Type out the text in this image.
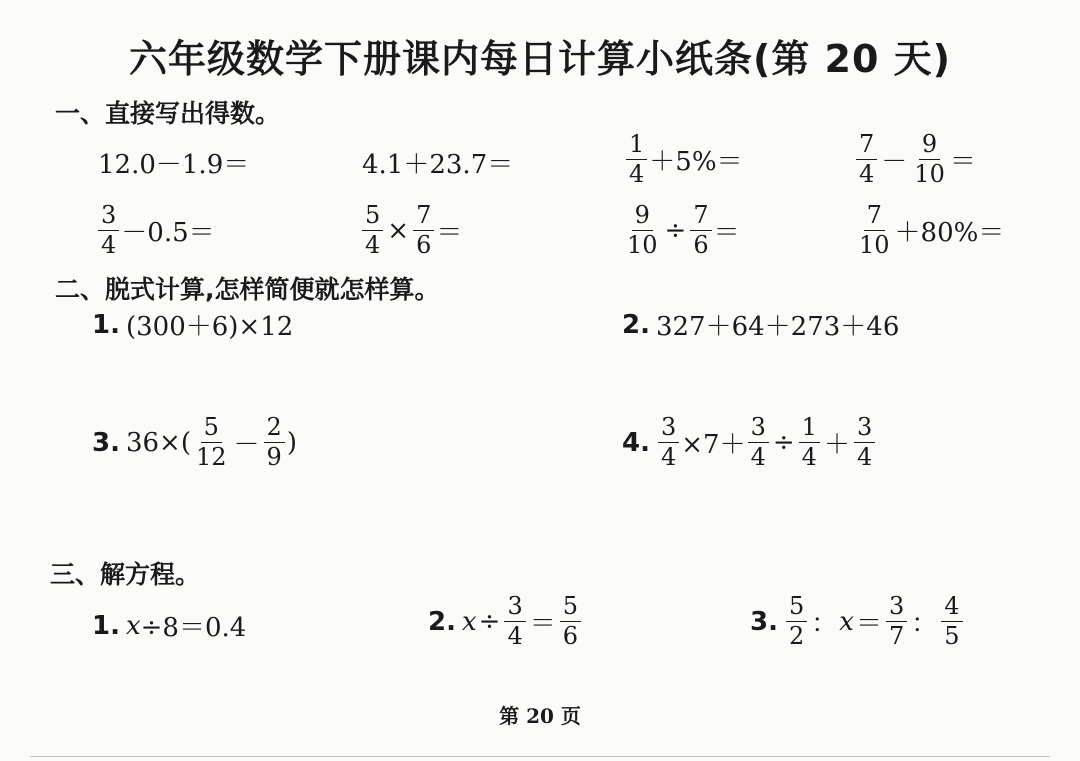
六年级数学下册课内每日计算小纸条(第 20 天)
一、直接写出得数。
12.0－1.9＝	4.1＋23.7＝	$\frac{1}{4} +5\%=$	$\frac{7}{4} - \frac{9}{10}$ ＝
$\frac{3}{4} -0.5=$	$\frac{5}{4} \times \frac{7}{6}$ ＝	$\frac{9}{10} \div \frac{7}{6}$ ＝	$\frac{7}{10} +80\%=$
二、脱式计算,怎样简便就怎样算。
1. (300＋6)×12	2. 327＋64＋273＋46
3. $36\times( \frac{5}{12} - \frac{2}{9}$ )	4. $\frac{3}{4} \times 7+ \frac{3}{4} \div \frac{1}{4} + \frac{3}{4}$
三、解方程。
1. x ÷8＝0.4	2. $x \div \frac{3}{4} = \frac{5}{6}$	3. $\frac{5}{2}$ ： $x = \frac{3}{7}$ ： $\frac{4}{5}$
第 20 页
